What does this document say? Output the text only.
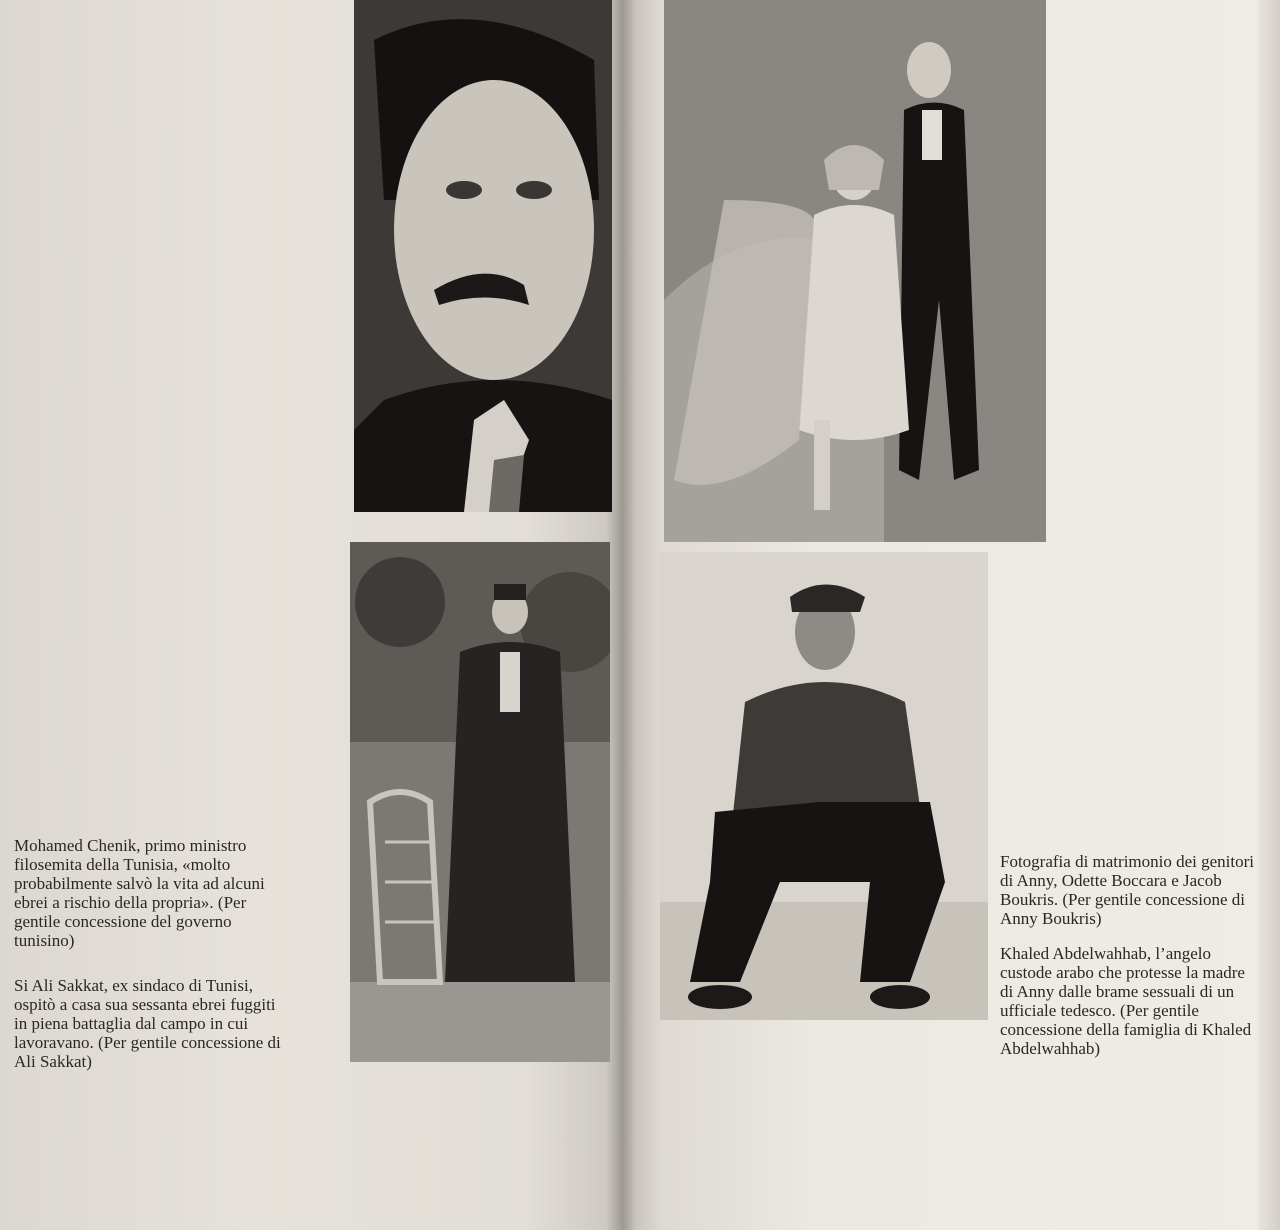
Mohamed Chenik, primo ministro
filosemita della Tunisia, «molto
probabilmente salvò la vita ad alcuni
ebrei a rischio della propria». (Per
gentile concessione del governo
tunisino)
Si Ali Sakkat, ex sindaco di Tunisi,
ospitò a casa sua sessanta ebrei fuggiti
in piena battaglia dal campo in cui
lavoravano. (Per gentile concessione di
Ali Sakkat)
Fotografia di matrimonio dei genitori
di Anny, Odette Boccara e Jacob
Boukris. (Per gentile concessione di
Anny Boukris)
Khaled Abdelwahhab, l’angelo
custode arabo che protesse la madre
di Anny dalle brame sessuali di un
ufficiale tedesco. (Per gentile
concessione della famiglia di Khaled
Abdelwahhab)
